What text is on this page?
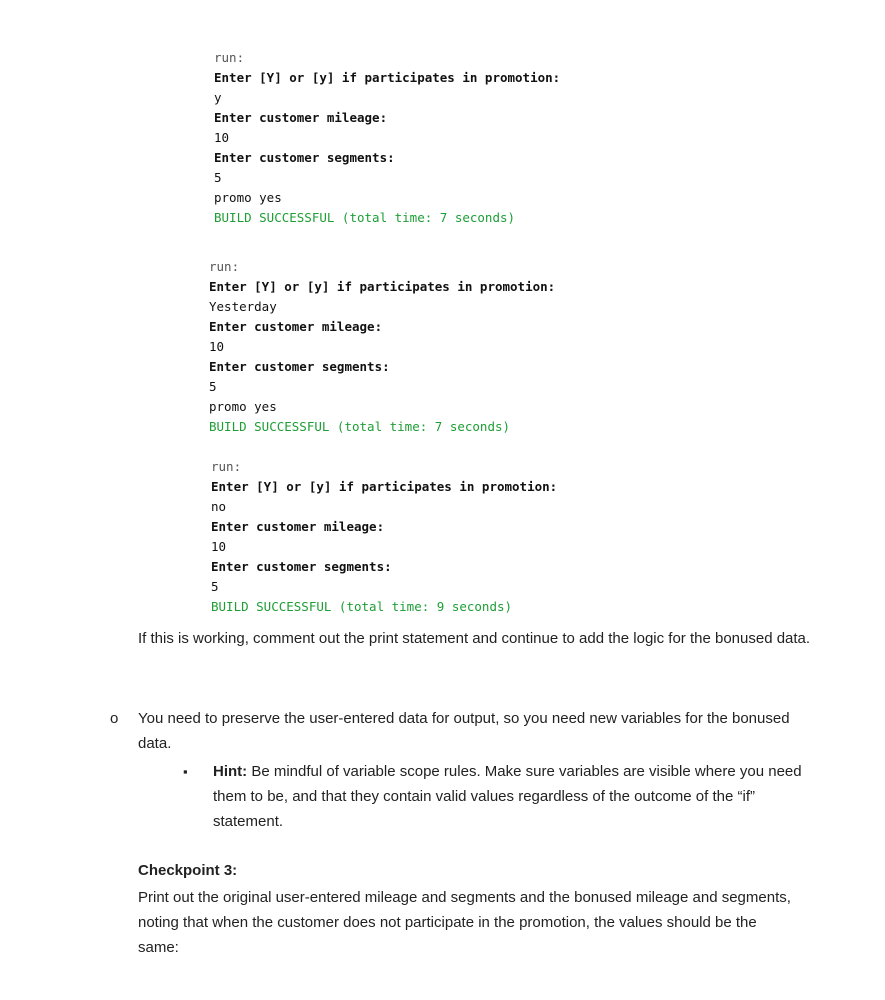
run:
Enter [Y] or [y] if participates in promotion:
y
Enter customer mileage:
10
Enter customer segments:
5
promo yes
BUILD SUCCESSFUL (total time: 7 seconds)
run:
Enter [Y] or [y] if participates in promotion:
Yesterday
Enter customer mileage:
10
Enter customer segments:
5
promo yes
BUILD SUCCESSFUL (total time: 7 seconds)
run:
Enter [Y] or [y] if participates in promotion:
no
Enter customer mileage:
10
Enter customer segments:
5
BUILD SUCCESSFUL (total time: 9 seconds)
If this is working, comment out the print statement and continue to add the logic for the bonused data.
o	You need to preserve the user-entered data for output, so you need new variables for the bonused data.
▪	Hint: Be mindful of variable scope rules. Make sure variables are visible where you need them to be, and that they contain valid values regardless of the outcome of the “if” statement.
Checkpoint 3:
Print out the original user-entered mileage and segments and the bonused mileage and segments, noting that when the customer does not participate in the promotion, the values should be the same:
